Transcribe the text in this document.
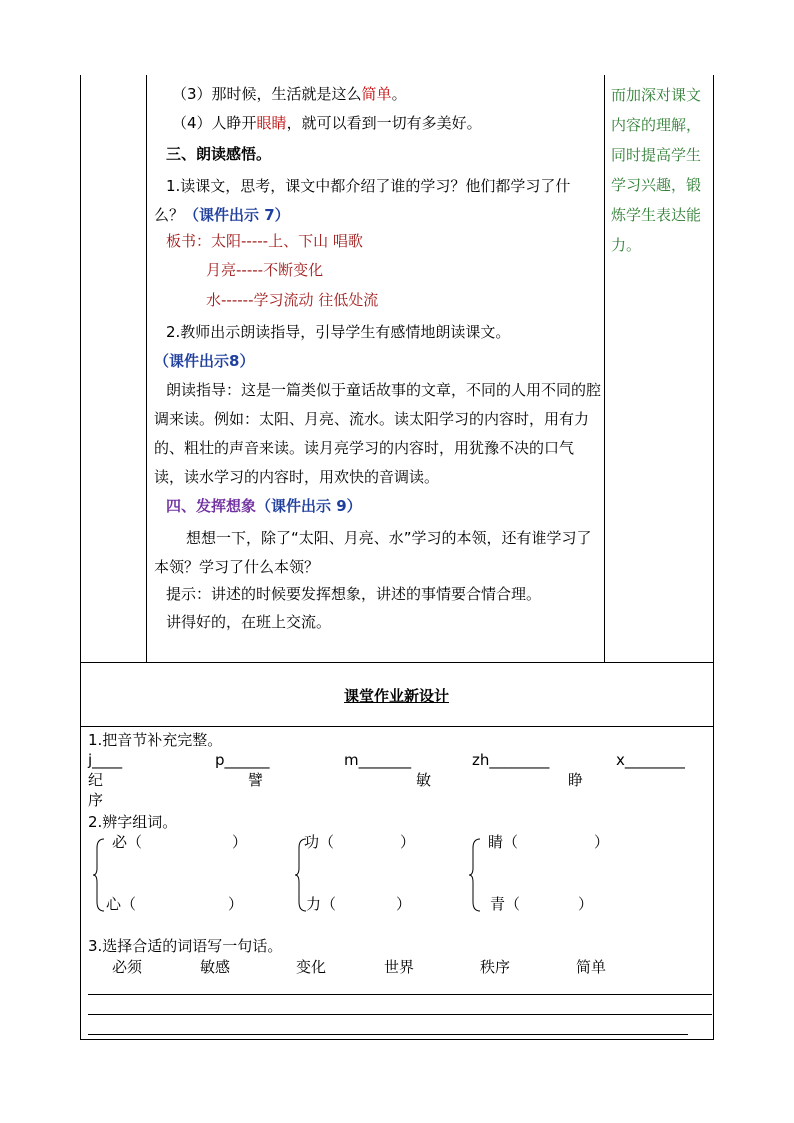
（3）那时候，生活就是这么简单。
（4）人睁开眼睛，就可以看到一切有多美好。
三、朗读感悟。
1.读课文，思考，课文中都介绍了谁的学习？他们都学习了什么？（课件出示 7）
板书： 太阳-----上、下山 唱歌
月亮-----不断变化
水------学习流动 往低处流
2.教师出示朗读指导，引导学生有感情地朗读课文。（课件出示8）
朗读指导：这是一篇类似于童话故事的文章，不同的人用不同的腔调来读。例如：太阳、月亮、流水。读太阳学习的内容时，用有力的、粗壮的声音来读。读月亮学习的内容时，用犹豫不决的口气读，读水学习的内容时，用欢快的音调读。
四、发挥想象（课件出示 9）
想想一下，除了“太阳、月亮、水”学习的本领，还有谁学习了本领？学习了什么本领？
提示：讲述的时候要发挥想象，讲述的事情要合情合理。
讲得好的，在班上交流。
而加深对课文内容的理解，同时提高学生学习兴趣，锻炼学生表达能力。
课堂作业新设计
1.把音节补充完整。
j____	p______	m_______	zh________	x________
纪	譬	敏	睁
序
2.辨字组词。
必（	）
心（	）
功（	）
力（	）
睛（	）
青（	）
3.选择合适的词语写一句话。
必须	敏感	变化	世界	秩序	简单
